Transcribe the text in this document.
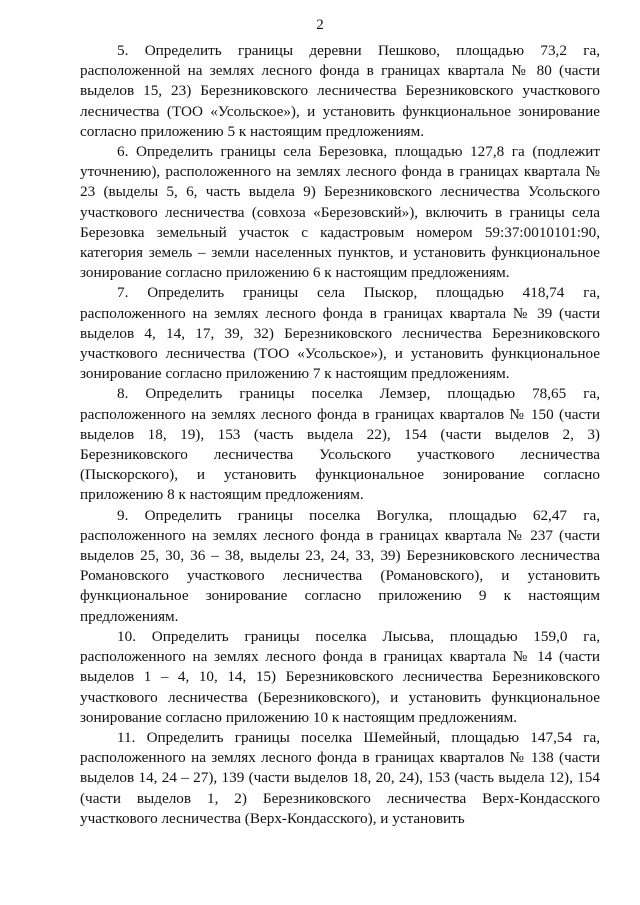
2

5. Определить границы деревни Пешково, площадью 73,2 га, расположенной на землях лесного фонда в границах квартала № 80 (части выделов 15, 23) Березниковского лесничества Березниковского участкового лесничества (ТОО «Усольское»), и установить функциональное зонирование согласно приложению 5 к настоящим предложениям.

6. Определить границы села Березовка, площадью 127,8 га (подлежит уточнению), расположенного на землях лесного фонда в границах квартала № 23 (выделы 5, 6, часть выдела 9) Березниковского лесничества Усольского участкового лесничества (совхоза «Березовский»), включить в границы села Березовка земельный участок с кадастровым номером 59:37:0010101:90, категория земель – земли населенных пунктов, и установить функциональное зонирование согласно приложению 6 к настоящим предложениям.

7. Определить границы села Пыскор, площадью 418,74 га, расположенного на землях лесного фонда в границах квартала № 39 (части выделов 4, 14, 17, 39, 32) Березниковского лесничества Березниковского участкового лесничества (ТОО «Усольское»), и установить функциональное зонирование согласно приложению 7 к настоящим предложениям.

8. Определить границы поселка Лемзер, площадью 78,65 га, расположенного на землях лесного фонда в границах кварталов № 150 (части выделов 18, 19), 153 (часть выдела 22), 154 (части выделов 2, 3) Березниковского лесничества Усольского участкового лесничества (Пыскорского), и установить функциональное зонирование согласно приложению 8 к настоящим предложениям.

9. Определить границы поселка Вогулка, площадью 62,47 га, расположенного на землях лесного фонда в границах квартала № 237 (части выделов 25, 30, 36 – 38, выделы 23, 24, 33, 39) Березниковского лесничества Романовского участкового лесничества (Романовского), и установить функциональное зонирование согласно приложению 9 к настоящим предложениям.

10. Определить границы поселка Лысьва, площадью 159,0 га, расположенного на землях лесного фонда в границах квартала № 14 (части выделов 1 – 4, 10, 14, 15) Березниковского лесничества Березниковского участкового лесничества (Березниковского), и установить функциональное зонирование согласно приложению 10 к настоящим предложениям.

11. Определить границы поселка Шемейный, площадью 147,54 га, расположенного на землях лесного фонда в границах кварталов № 138 (части выделов 14, 24 – 27), 139 (части выделов 18, 20, 24), 153 (часть выдела 12), 154 (части выделов 1, 2) Березниковского лесничества Верх-Кондасского участкового лесничества (Верх-Кондасского), и установить
